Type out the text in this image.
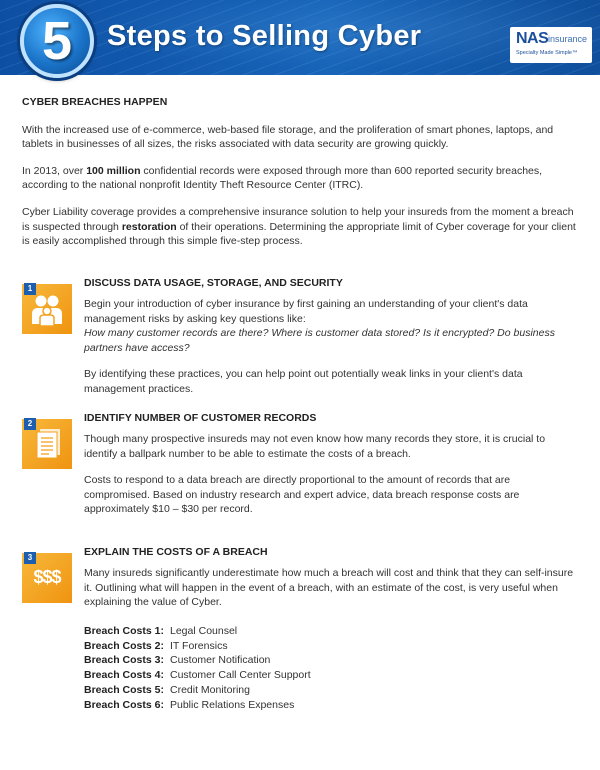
Steps to Selling Cyber	NAS insurance
Specialty Made Simple™
5
CYBER BREACHES HAPPEN

With the increased use of e-commerce, web-based file storage, and the proliferation of smart phones, laptops, and tablets in businesses of all sizes, the risks associated with data security are growing quickly.

In 2013, over 100 million confidential records were exposed through more than 600 reported security breaches, according to the national nonprofit Identity Theft Resource Center (ITRC).

Cyber Liability coverage provides a comprehensive insurance solution to help your insureds from the moment a breach is suspected through restoration of their operations. Determining the appropriate limit of Cyber coverage for your client is easily accomplished through this simple five-step process.

1	DISCUSS DATA USAGE, STORAGE, AND SECURITY

Begin your introduction of cyber insurance by first gaining an understanding of your client's data management risks by asking key questions like:

How many customer records are there? Where is customer data stored? Is it encrypted? Do business partners have access?

By identifying these practices, you can help point out potentially weak links in your client's data management practices.

2	IDENTIFY NUMBER OF CUSTOMER RECORDS

Though many prospective insureds may not even know how many records they store, it is crucial to identify a ballpark number to be able to estimate the costs of a breach.

Costs to respond to a data breach are directly proportional to the amount of records that are compromised. Based on industry research and expert advice, data breach response costs are approximately $10 – $30 per record.

3
$$$
EXPLAIN THE COSTS OF A BREACH

Many insureds significantly underestimate how much a breach will cost and think that they can self-insure it. Outlining what will happen in the event of a breach, with an estimate of the cost, is very useful when explaining the value of Cyber.

Breach Costs 1: Legal Counsel
Breach Costs 2: IT Forensics
Breach Costs 3: Customer Notification
Breach Costs 4: Customer Call Center Support
Breach Costs 5: Credit Monitoring
Breach Costs 6: Public Relations Expenses
